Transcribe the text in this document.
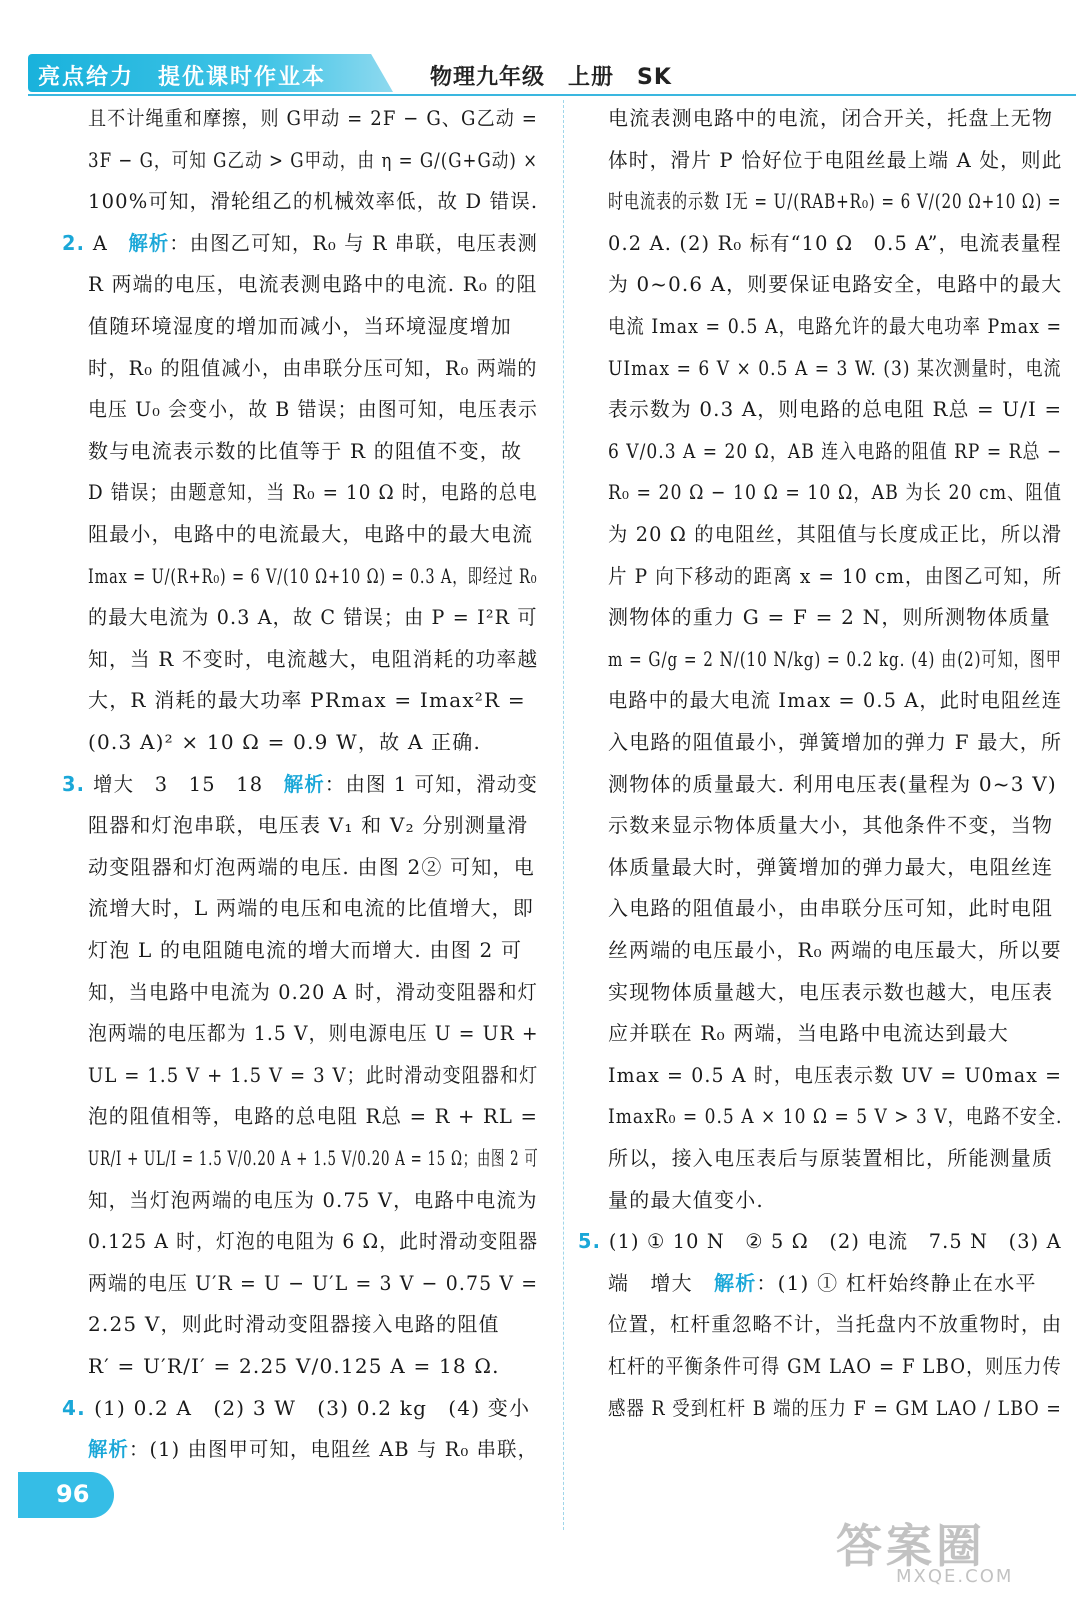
亮点给力 提优课时作业本	物理九年级　上册　SK
且不计绳重和摩擦，则 G甲动 = 2F − G、G乙动 =
3F − G，可知 G乙动 > G甲动，由 η = G/(G+G动) ×
100%可知，滑轮组乙的机械效率低，故 D 错误.
2. A　解析：由图乙可知，R₀ 与 R 串联，电压表测
R 两端的电压，电流表测电路中的电流. R₀ 的阻
值随环境湿度的增加而减小，当环境湿度增加
时，R₀ 的阻值减小，由串联分压可知，R₀ 两端的
电压 U₀ 会变小，故 B 错误；由图可知，电压表示
数与电流表示数的比值等于 R 的阻值不变，故
D 错误；由题意知，当 R₀ = 10 Ω 时，电路的总电
阻最小，电路中的电流最大，电路中的最大电流
Imax = U/(R+R₀) = 6 V/(10 Ω+10 Ω) = 0.3 A，即经过 R₀
的最大电流为 0.3 A，故 C 错误；由 P = I²R 可
知，当 R 不变时，电流越大，电阻消耗的功率越
大，R 消耗的最大功率 PRmax = Imax²R =
(0.3 A)² × 10 Ω = 0.9 W，故 A 正确.
3. 增大　3　15　18　解析：由图 1 可知，滑动变
阻器和灯泡串联，电压表 V₁ 和 V₂ 分别测量滑
动变阻器和灯泡两端的电压. 由图 2② 可知，电
流增大时，L 两端的电压和电流的比值增大，即
灯泡 L 的电阻随电流的增大而增大. 由图 2 可
知，当电路中电流为 0.20 A 时，滑动变阻器和灯
泡两端的电压都为 1.5 V，则电源电压 U = UR +
UL = 1.5 V + 1.5 V = 3 V；此时滑动变阻器和灯
泡的阻值相等，电路的总电阻 R总 = R + RL =
UR/I + UL/I = 1.5 V/0.20 A + 1.5 V/0.20 A = 15 Ω；由图 2 可
知，当灯泡两端的电压为 0.75 V，电路中电流为
0.125 A 时，灯泡的电阻为 6 Ω，此时滑动变阻器
两端的电压 U′R = U − U′L = 3 V − 0.75 V =
2.25 V，则此时滑动变阻器接入电路的阻值
R′ = U′R/I′ = 2.25 V/0.125 A = 18 Ω.
4. (1) 0.2 A　(2) 3 W　(3) 0.2 kg　(4) 变小
解析：(1) 由图甲可知，电阻丝 AB 与 R₀ 串联，
电流表测电路中的电流，闭合开关，托盘上无物
体时，滑片 P 恰好位于电阻丝最上端 A 处，则此
时电流表的示数 I无 = U/(RAB+R₀) = 6 V/(20 Ω+10 Ω) =
0.2 A. (2) R₀ 标有“10 Ω　0.5 A”，电流表量程
为 0~0.6 A，则要保证电路安全，电路中的最大
电流 Imax = 0.5 A，电路允许的最大电功率 Pmax =
UImax = 6 V × 0.5 A = 3 W. (3) 某次测量时，电流
表示数为 0.3 A，则电路的总电阻 R总 = U/I =
6 V/0.3 A = 20 Ω，AB 连入电路的阻值 RP = R总 −
R₀ = 20 Ω − 10 Ω = 10 Ω，AB 为长 20 cm、阻值
为 20 Ω 的电阻丝，其阻值与长度成正比，所以滑
片 P 向下移动的距离 x = 10 cm，由图乙可知，所
测物体的重力 G = F = 2 N，则所测物体质量
m = G/g = 2 N/(10 N/kg) = 0.2 kg. (4) 由(2)可知，图甲
电路中的最大电流 Imax = 0.5 A，此时电阻丝连
入电路的阻值最小，弹簧增加的弹力 F 最大，所
测物体的质量最大. 利用电压表(量程为 0~3 V)
示数来显示物体质量大小，其他条件不变，当物
体质量最大时，弹簧增加的弹力最大，电阻丝连
入电路的阻值最小，由串联分压可知，此时电阻
丝两端的电压最小，R₀ 两端的电压最大，所以要
实现物体质量越大，电压表示数也越大，电压表
应并联在 R₀ 两端，当电路中电流达到最大
Imax = 0.5 A 时，电压表示数 UV = U0max =
ImaxR₀ = 0.5 A × 10 Ω = 5 V > 3 V，电路不安全.
所以，接入电压表后与原装置相比，所能测量质
量的最大值变小.
5. (1) ① 10 N　② 5 Ω　(2) 电流　7.5 N　(3) A
端　增大　解析：(1) ① 杠杆始终静止在水平
位置，杠杆重忽略不计，当托盘内不放重物时，由
杠杆的平衡条件可得 GM LAO = F LBO，则压力传
感器 R 受到杠杆 B 端的压力 F = GM LAO / LBO =
96
答案圈
MXQE.COM
